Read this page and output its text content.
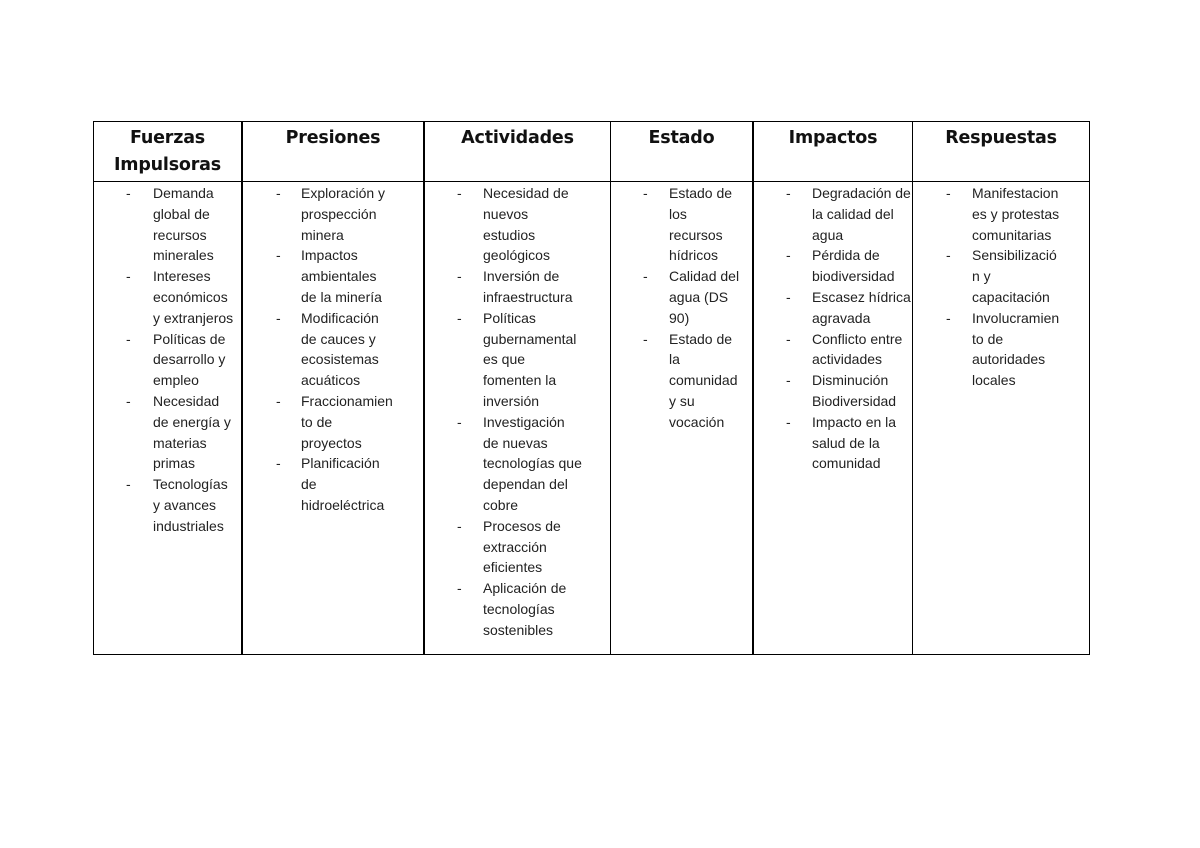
Fuerzas Impulsoras
- Demanda global de recursos minerales
- Intereses económicos y extranjeros
- Políticas de desarrollo y empleo
- Necesidad de energía y materias primas
- Tecnologías y avances industriales
Presiones
- Exploración y prospección minera
- Impactos ambientales de la minería
- Modificación de cauces y ecosistemas acuáticos
- Fraccionamiento de proyectos
- Planificación de hidroeléctrica
Actividades
- Necesidad de nuevos estudios geológicos
- Inversión de infraestructura
- Políticas gubernamentales que fomenten la inversión
- Investigación de nuevas tecnologías que dependan del cobre
- Procesos de extracción eficientes
- Aplicación de tecnologías sostenibles
Estado
- Estado de los recursos hídricos
- Calidad del agua (DS 90)
- Estado de la comunidad y su vocación
Impactos
- Degradación de la calidad del agua
- Pérdida de biodiversidad
- Escasez hídrica agravada
- Conflicto entre actividades
- Disminución Biodiversidad
- Impacto en la salud de la comunidad
Respuestas
- Manifestaciones y protestas comunitarias
- Sensibilización y capacitación
- Involucramiento de autoridades locales
